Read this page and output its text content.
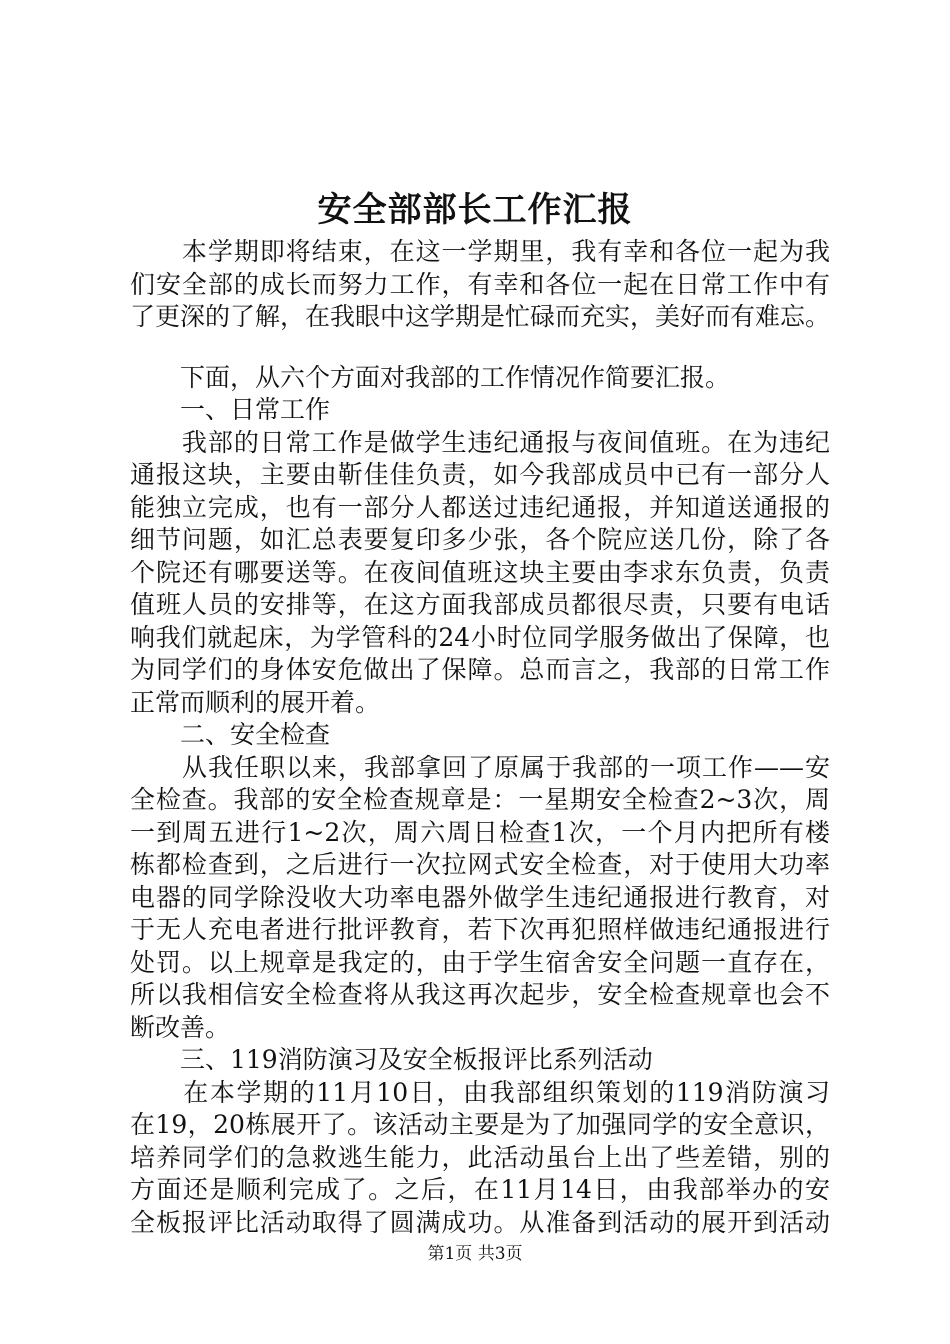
安全部部长工作汇报
　　本学期即将结束，在这一学期里，我有幸和各位一起为我
们安全部的成长而努力工作，有幸和各位一起在日常工作中有
了更深的了解，在我眼中这学期是忙碌而充实，美好而有难忘。
　　下面，从六个方面对我部的工作情况作简要汇报。
　　一、日常工作
　　我部的日常工作是做学生违纪通报与夜间值班。在为违纪
通报这块，主要由靳佳佳负责，如今我部成员中已有一部分人
能独立完成，也有一部分人都送过违纪通报，并知道送通报的
细节问题，如汇总表要复印多少张，各个院应送几份，除了各
个院还有哪要送等。在夜间值班这块主要由李求东负责，负责
值班人员的安排等，在这方面我部成员都很尽责，只要有电话
响我们就起床，为学管科的24小时位同学服务做出了保障，也
为同学们的身体安危做出了保障。总而言之，我部的日常工作
正常而顺利的展开着。
　　二、安全检查
　　从我任职以来，我部拿回了原属于我部的一项工作——安
全检查。我部的安全检查规章是：一星期安全检查2~3次，周
一到周五进行1~2次，周六周日检查1次，一个月内把所有楼
栋都检查到，之后进行一次拉网式安全检查，对于使用大功率
电器的同学除没收大功率电器外做学生违纪通报进行教育，对
于无人充电者进行批评教育，若下次再犯照样做违纪通报进行
处罚。以上规章是我定的，由于学生宿舍安全问题一直存在，
所以我相信安全检查将从我这再次起步，安全检查规章也会不
断改善。
　　三、119消防演习及安全板报评比系列活动
　　在本学期的11月10日，由我部组织策划的119消防演习
在19，20栋展开了。该活动主要是为了加强同学的安全意识，
培养同学们的急救逃生能力，此活动虽台上出了些差错，别的
方面还是顺利完成了。之后，在11月14日，由我部举办的安
全板报评比活动取得了圆满成功。从准备到活动的展开到活动
第1页 共3页
